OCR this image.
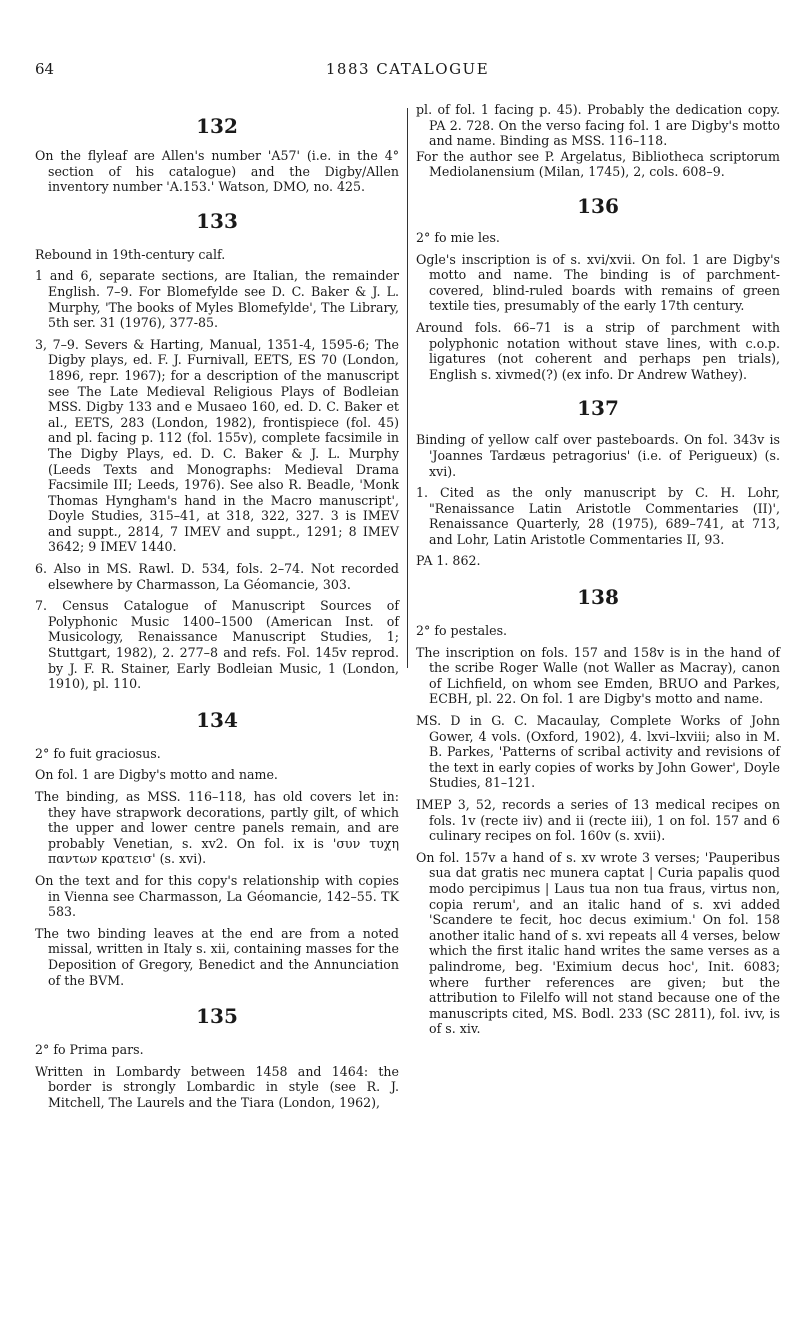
64	1883 CATALOGUE
132

On the flyleaf are Allen's number 'A57' (i.e. in the 4° section of his catalogue) and the Digby/Allen inventory number 'A.153.' Watson, DMO, no. 425.

133

Rebound in 19th-century calf.

1 and 6, separate sections, are Italian, the remainder English. 7–9. For Blomefylde see D. C. Baker & J. L. Murphy, 'The books of Myles Blomefylde', The Library, 5th ser. 31 (1976), 377-85.

3, 7–9. Severs & Harting, Manual, 1351-4, 1595-6; The Digby plays, ed. F. J. Furnivall, EETS, ES 70 (London, 1896, repr. 1967); for a description of the manuscript see The Late Medieval Religious Plays of Bodleian MSS. Digby 133 and e Musaeo 160, ed. D. C. Baker et al., EETS, 283 (London, 1982), frontispiece (fol. 45) and pl. facing p. 112 (fol. 155v), complete facsimile in The Digby Plays, ed. D. C. Baker & J. L. Murphy (Leeds Texts and Monographs: Medieval Drama Facsimile III; Leeds, 1976). See also R. Beadle, 'Monk Thomas Hyngham's hand in the Macro manuscript', Doyle Studies, 315–41, at 318, 322, 327. 3 is IMEV and suppt., 2814, 7 IMEV and suppt., 1291; 8 IMEV 3642; 9 IMEV 1440.

6. Also in MS. Rawl. D. 534, fols. 2–74. Not recorded elsewhere by Charmasson, La Géomancie, 303.

7. Census Catalogue of Manuscript Sources of Polyphonic Music 1400–1500 (American Inst. of Musicology, Renaissance Manuscript Studies, 1; Stuttgart, 1982), 2. 277–8 and refs. Fol. 145v reprod. by J. F. R. Stainer, Early Bodleian Music, 1 (London, 1910), pl. 110.

134

2° fo fuit graciosus.

On fol. 1 are Digby's motto and name.

The binding, as MSS. 116–118, has old covers let in: they have strapwork decorations, partly gilt, of which the upper and lower centre panels remain, and are probably Venetian, s. xv2. On fol. ix is 'συν τυχη παντων κρατεισ' (s. xvi).

On the text and for this copy's relationship with copies in Vienna see Charmasson, La Géomancie, 142–55. TK 583.

The two binding leaves at the end are from a noted missal, written in Italy s. xii, containing masses for the Deposition of Gregory, Benedict and the Annunciation of the BVM.

135

2° fo Prima pars.

Written in Lombardy between 1458 and 1464: the border is strongly Lombardic in style (see R. J. Mitchell, The Laurels and the Tiara (London, 1962),

pl. of fol. 1 facing p. 45). Probably the dedication copy. PA 2. 728. On the verso facing fol. 1 are Digby's motto and name. Binding as MSS. 116–118.

For the author see P. Argelatus, Bibliotheca scriptorum Mediolanensium (Milan, 1745), 2, cols. 608–9.

136

2° fo mie les.

Ogle's inscription is of s. xvi/xvii. On fol. 1 are Digby's motto and name. The binding is of parchment-covered, blind-ruled boards with remains of green textile ties, presumably of the early 17th century.

Around fols. 66–71 is a strip of parchment with polyphonic notation without stave lines, with c.o.p. ligatures (not coherent and perhaps pen trials), English s. xivmed(?) (ex info. Dr Andrew Wathey).

137

Binding of yellow calf over pasteboards. On fol. 343v is 'Joannes Tardæus petragorius' (i.e. of Perigueux) (s. xvi).

1. Cited as the only manuscript by C. H. Lohr, "Renaissance Latin Aristotle Commentaries (II)', Renaissance Quarterly, 28 (1975), 689–741, at 713, and Lohr, Latin Aristotle Commentaries II, 93.

PA 1. 862.

138

2° fo pestales.

The inscription on fols. 157 and 158v is in the hand of the scribe Roger Walle (not Waller as Macray), canon of Lichfield, on whom see Emden, BRUO and Parkes, ECBH, pl. 22. On fol. 1 are Digby's motto and name.

MS. D in G. C. Macaulay, Complete Works of John Gower, 4 vols. (Oxford, 1902), 4. lxvi–lxviii; also in M. B. Parkes, 'Patterns of scribal activity and revisions of the text in early copies of works by John Gower', Doyle Studies, 81–121.

IMEP 3, 52, records a series of 13 medical recipes on fols. 1v (recte iiv) and ii (recte iii), 1 on fol. 157 and 6 culinary recipes on fol. 160v (s. xvii).

On fol. 157v a hand of s. xv wrote 3 verses; 'Pauperibus sua dat gratis nec munera captat | Curia papalis quod modo percipimus | Laus tua non tua fraus, virtus non, copia rerum', and an italic hand of s. xvi added 'Scandere te fecit, hoc decus eximium.' On fol. 158 another italic hand of s. xvi repeats all 4 verses, below which the first italic hand writes the same verses as a palindrome, beg. 'Eximium decus hoc', Init. 6083; where further references are given; but the attribution to Filelfo will not stand because one of the manuscripts cited, MS. Bodl. 233 (SC 2811), fol. ivv, is of s. xiv.
